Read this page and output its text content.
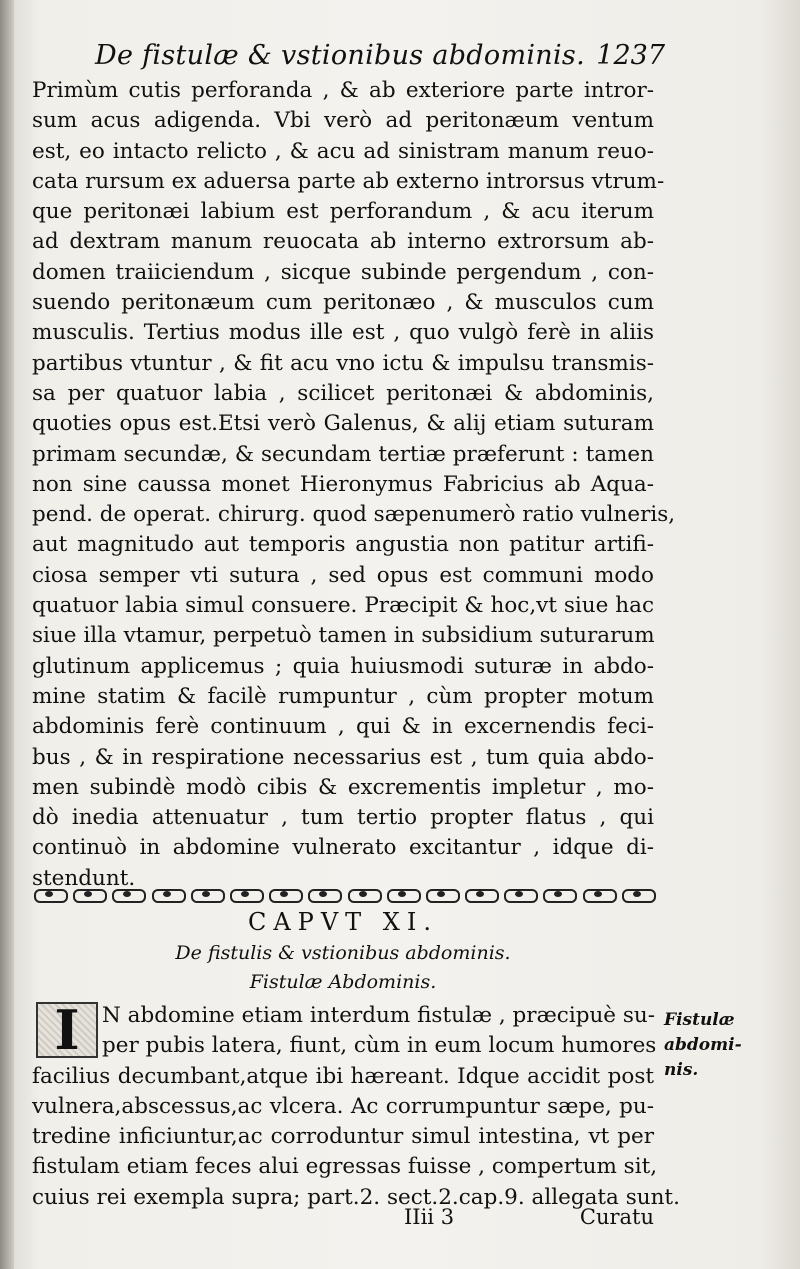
De fistulæ & vstionibus abdominis. 1237
Primùm cutis perforanda , & ab exteriore parte intror-
sum acus adigenda. Vbi verò ad peritonæum ventum
est, eo intacto relicto , & acu ad sinistram manum reuo-
cata rursum ex aduersa parte ab externo introrsus vtrum-
que peritonæi labium est perforandum , & acu iterum
ad dextram manum reuocata ab interno extrorsum ab-
domen traiiciendum , sicque subinde pergendum , con-
suendo peritonæum cum peritonæo , & musculos cum
musculis. Tertius modus ille est , quo vulgò ferè in aliis
partibus vtuntur , & fit acu vno ictu & impulsu transmis-
sa per quatuor labia , scilicet peritonæi & abdominis,
quoties opus est.Etsi verò Galenus, & alij etiam suturam
primam secundæ, & secundam tertiæ præferunt : tamen
non sine caussa monet Hieronymus Fabricius ab Aqua-
pend. de operat. chirurg. quod sæpenumerò ratio vulneris,
aut magnitudo aut temporis angustia non patitur artifi-
ciosa semper vti sutura , sed opus est communi modo
quatuor labia simul consuere. Præcipit & hoc,vt siue hac
siue illa vtamur, perpetuò tamen in subsidium suturarum
glutinum applicemus ; quia huiusmodi suturæ in abdo-
mine statim & facilè rumpuntur , cùm propter motum
abdominis ferè continuum , qui & in excernendis feci-
bus , & in respiratione necessarius est , tum quia abdo-
men subindè modò cibis & excrementis impletur , mo-
dò inedia attenuatur , tum tertio propter flatus , qui
continuò in abdomine vulnerato excitantur , idque di-
stendunt.
CAPVT XI.
De fistulis & vstionibus abdominis.
Fistulæ Abdominis.
I	N abdomine etiam interdum fistulæ , præcipuè su-
per pubis latera, fiunt, cùm in eum locum humores
facilius decumbant,atque ibi hæreant. Idque accidit post
vulnera,abscessus,ac vlcera. Ac corrumpuntur sæpe, pu-
tredine inficiuntur,ac corroduntur simul intestina, vt per
fistulam etiam feces alui egressas fuisse , compertum sit,
cuius rei exempla supra; part.2. sect.2.cap.9. allegata sunt.
Fistulæ
abdomi-
nis.
IIii 3	Curatu
